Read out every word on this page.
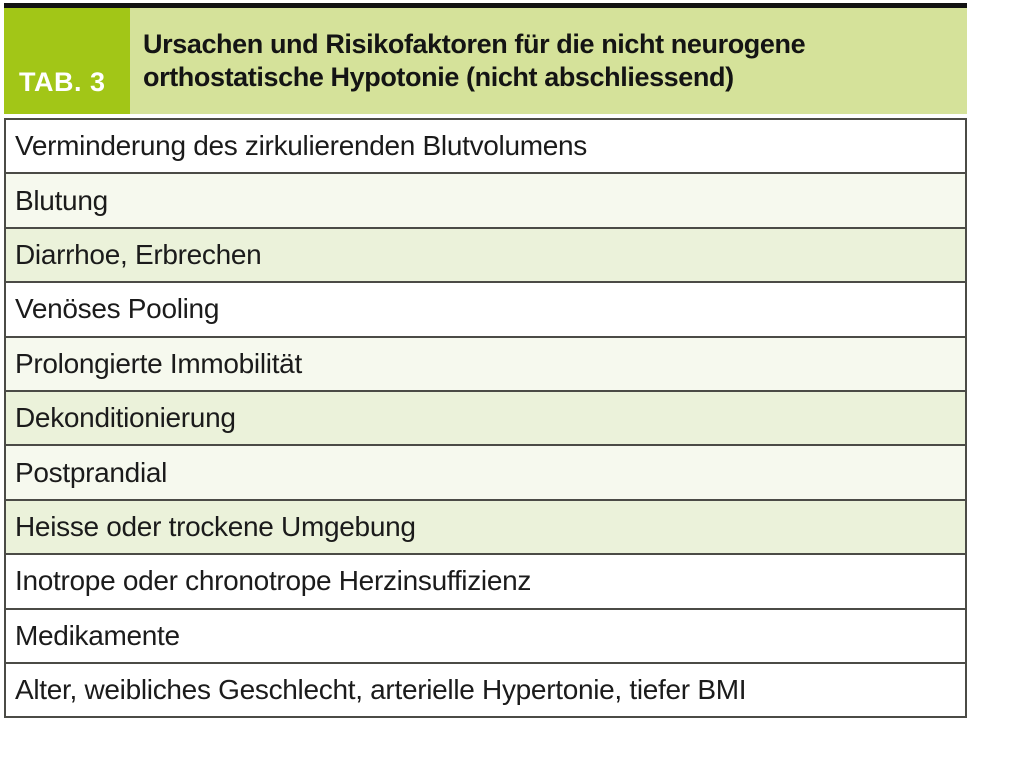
TAB. 3
Ursachen und Risikofaktoren für die nicht neurogene
orthostatische Hypotonie (nicht abschliessend)
Verminderung des zirkulierenden Blutvolumens
Blutung
Diarrhoe, Erbrechen
Venöses Pooling
Prolongierte Immobilität
Dekonditionierung
Postprandial
Heisse oder trockene Umgebung
Inotrope oder chronotrope Herzinsuffizienz
Medikamente
Alter, weibliches Geschlecht, arterielle Hypertonie, tiefer BMI
